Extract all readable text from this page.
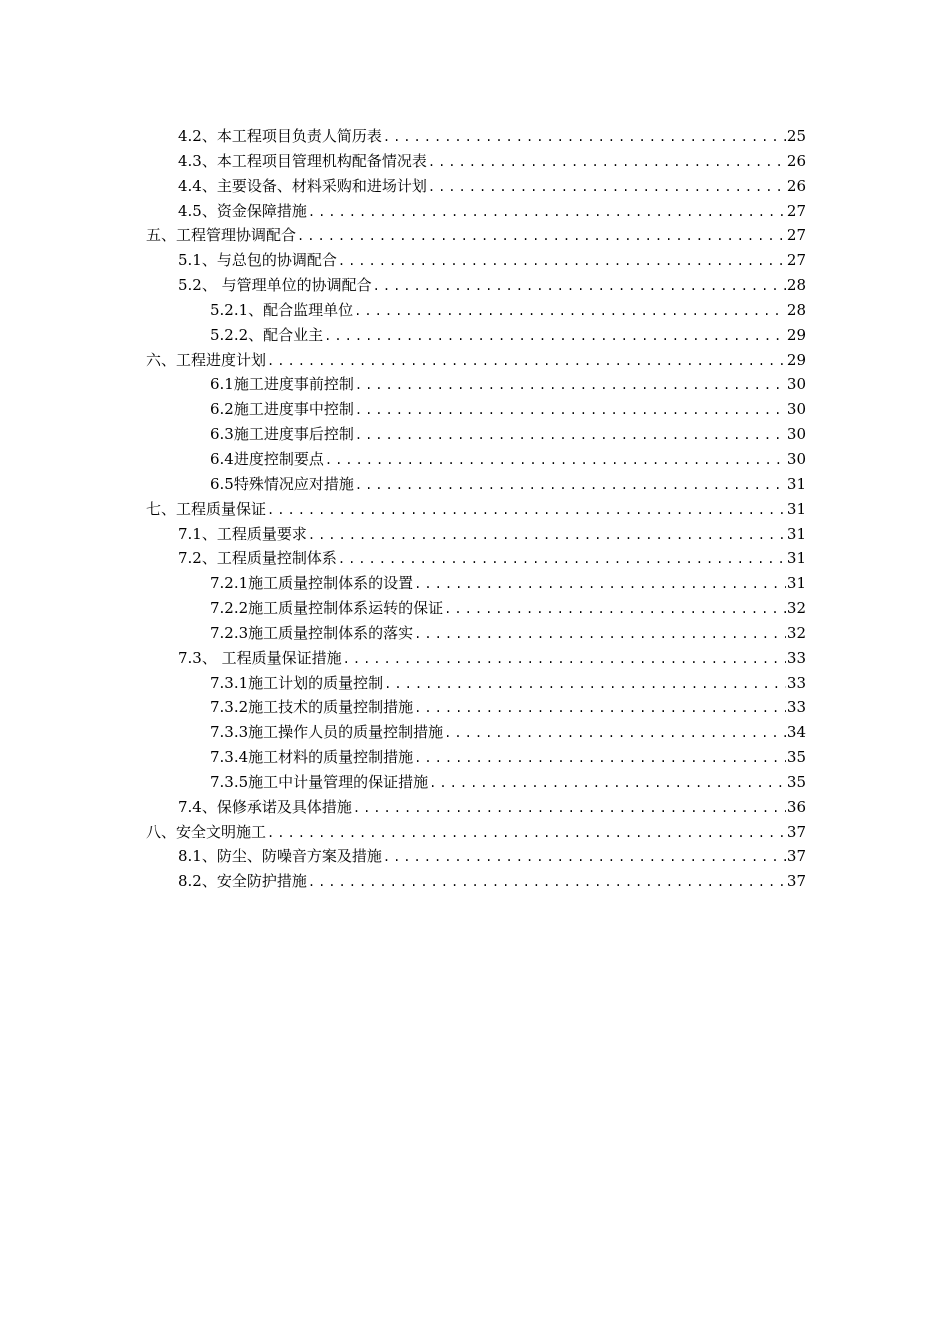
4.2、本工程项目负责人简历表 .....	25
4.3、本工程项目管理机构配备情况表 .....	26
4.4、主要设备、材料采购和进场计划 .....	26
4.5、资金保障措施 .....	27
五、工程管理协调配合 .....	27
5.1、与总包的协调配合 .....	27
5.2、 与管理单位的协调配合 .....	28
5.2.1、配合监理单位 .....	28
5.2.2、配合业主 .....	29
六、工程进度计划 .....	29
6.1施工进度事前控制 .....	30
6.2施工进度事中控制 .....	30
6.3施工进度事后控制 .....	30
6.4进度控制要点 .....	30
6.5特殊情况应对措施 .....	31
七、工程质量保证 .....	31
7.1、工程质量要求 .....	31
7.2、工程质量控制体系 .....	31
7.2.1施工质量控制体系的设置 .....	31
7.2.2施工质量控制体系运转的保证 .....	32
7.2.3施工质量控制体系的落实 .....	32
7.3、 工程质量保证措施 .....	33
7.3.1施工计划的质量控制 .....	33
7.3.2施工技术的质量控制措施 .....	33
7.3.3施工操作人员的质量控制措施 .....	34
7.3.4施工材料的质量控制措施 .....	35
7.3.5施工中计量管理的保证措施 .....	35
7.4、保修承诺及具体措施 .....	36
八、安全文明施工 .....	37
8.1、防尘、防噪音方案及措施 .....	37
8.2、安全防护措施 .....	37
